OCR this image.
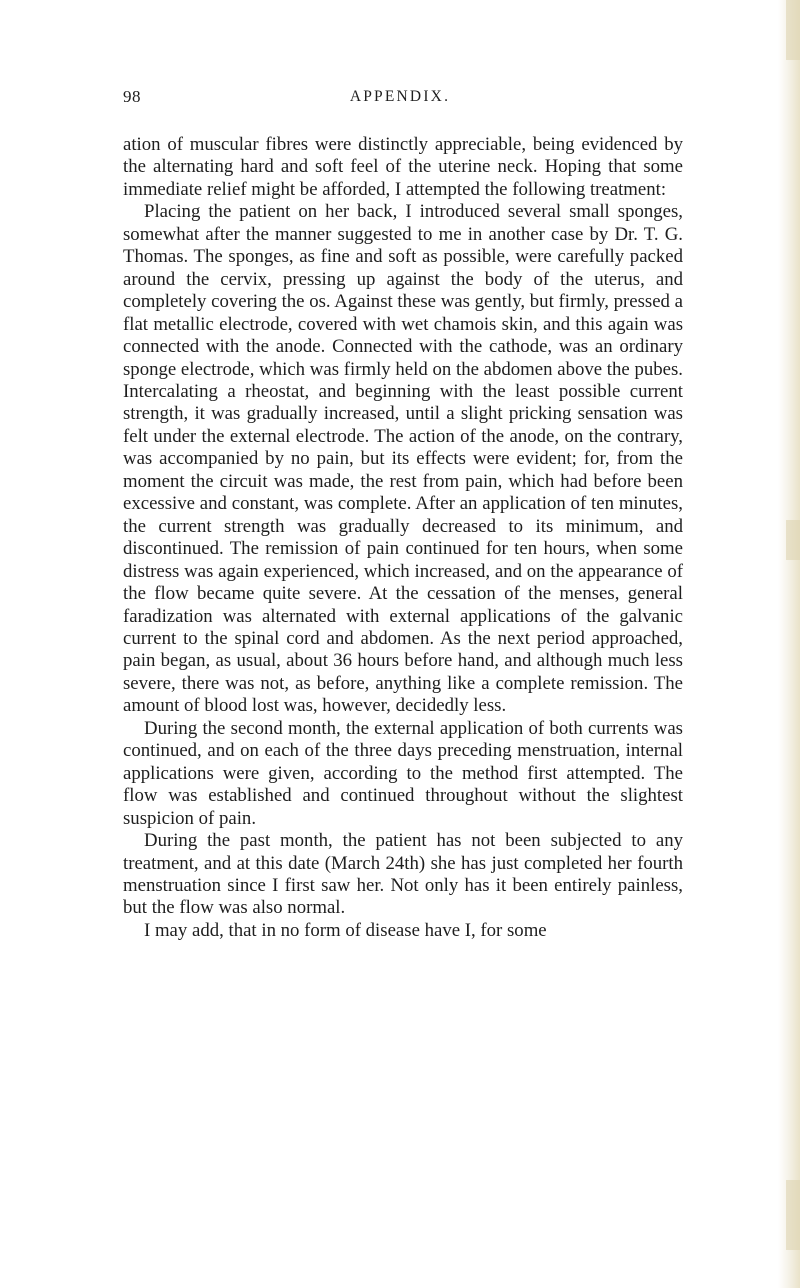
98	APPENDIX.

ation of muscular fibres were distinctly appreciable, being evidenced by the alternating hard and soft feel of the uterine neck. Hoping that some immediate relief might be afforded, I attempted the following treatment:

Placing the patient on her back, I introduced several small sponges, somewhat after the manner suggested to me in another case by Dr. T. G. Thomas. The sponges, as fine and soft as possible, were carefully packed around the cervix, pressing up against the body of the uterus, and completely covering the os. Against these was gently, but firmly, pressed a flat metallic electrode, covered with wet chamois skin, and this again was connected with the anode. Connected with the cathode, was an ordinary sponge electrode, which was firmly held on the abdomen above the pubes. Intercalating a rheostat, and beginning with the least possible current strength, it was gradually increased, until a slight pricking sensation was felt under the external electrode. The action of the anode, on the contrary, was accompanied by no pain, but its effects were evident; for, from the moment the circuit was made, the rest from pain, which had before been excessive and constant, was complete. After an application of ten minutes, the current strength was gradually decreased to its minimum, and discontinued. The remission of pain continued for ten hours, when some distress was again experienced, which increased, and on the appearance of the flow became quite severe. At the cessation of the menses, general faradization was alternated with external applications of the galvanic current to the spinal cord and abdomen. As the next period approached, pain began, as usual, about 36 hours before hand, and although much less severe, there was not, as before, anything like a complete remission. The amount of blood lost was, however, decidedly less.

During the second month, the external application of both currents was continued, and on each of the three days preceding menstruation, internal applications were given, according to the method first attempted. The flow was established and continued throughout without the slightest suspicion of pain.

During the past month, the patient has not been subjected to any treatment, and at this date (March 24th) she has just completed her fourth menstruation since I first saw her. Not only has it been entirely painless, but the flow was also normal.

I may add, that in no form of disease have I, for some
